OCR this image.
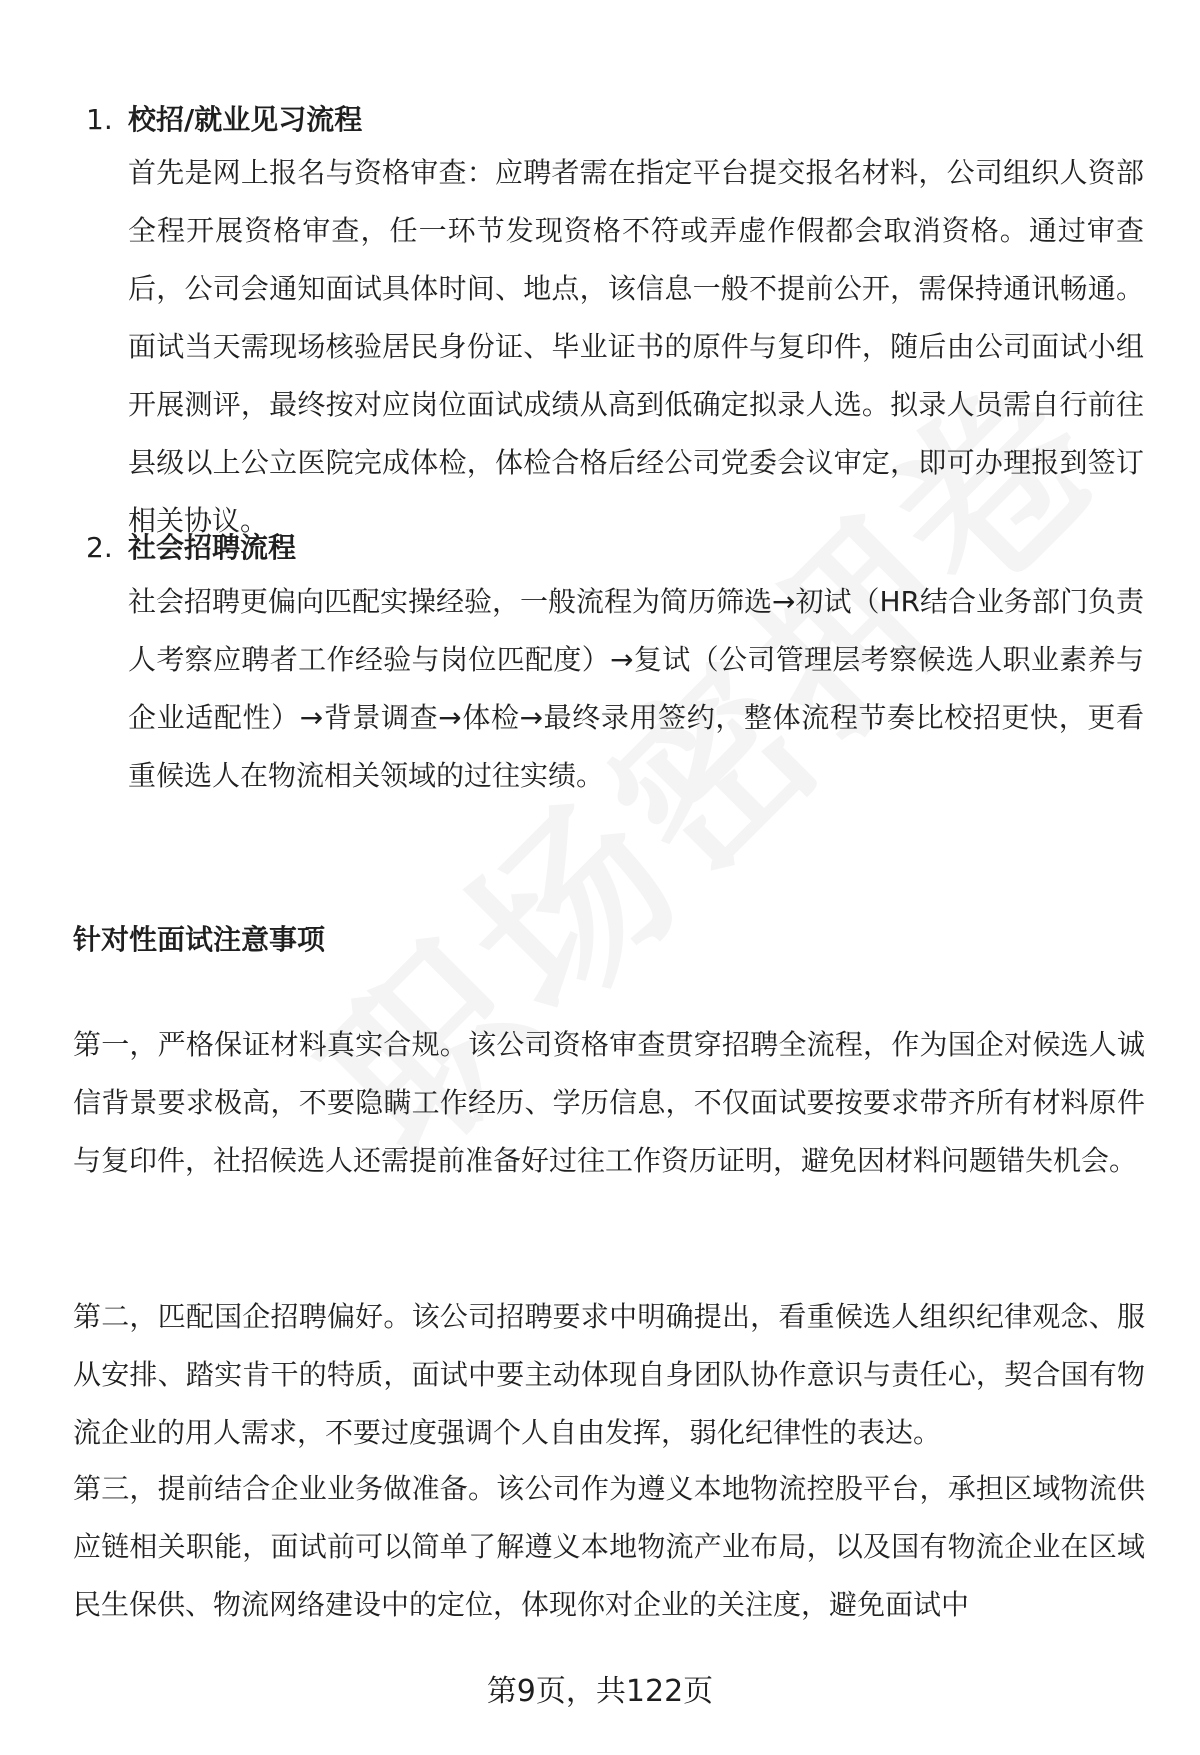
1. 校招/就业见习流程
首先是网上报名与资格审查：应聘者需在指定平台提交报名材料，公司组织人资部全程开展资格审查，任一环节发现资格不符或弄虚作假都会取消资格。通过审查后，公司会通知面试具体时间、地点，该信息一般不提前公开，需保持通讯畅通。面试当天需现场核验居民身份证、毕业证书的原件与复印件，随后由公司面试小组开展测评，最终按对应岗位面试成绩从高到低确定拟录人选。拟录人员需自行前往县级以上公立医院完成体检，体检合格后经公司党委会议审定，即可办理报到签订相关协议。
2. 社会招聘流程
社会招聘更偏向匹配实操经验，一般流程为简历筛选→初试（HR结合业务部门负责人考察应聘者工作经验与岗位匹配度）→复试（公司管理层考察候选人职业素养与企业适配性）→背景调查→体检→最终录用签约，整体流程节奏比校招更快，更看重候选人在物流相关领域的过往实绩。
针对性面试注意事项
第一，严格保证材料真实合规。该公司资格审查贯穿招聘全流程，作为国企对候选人诚信背景要求极高，不要隐瞒工作经历、学历信息，不仅面试要按要求带齐所有材料原件与复印件，社招候选人还需提前准备好过往工作资历证明，避免因材料问题错失机会。
第二，匹配国企招聘偏好。该公司招聘要求中明确提出，看重候选人组织纪律观念、服从安排、踏实肯干的特质，面试中要主动体现自身团队协作意识与责任心，契合国有物流企业的用人需求，不要过度强调个人自由发挥，弱化纪律性的表达。
第三，提前结合企业业务做准备。该公司作为遵义本地物流控股平台，承担区域物流供应链相关职能，面试前可以简单了解遵义本地物流产业布局，以及国有物流企业在区域民生保供、物流网络建设中的定位，体现你对企业的关注度，避免面试中
第9页，共122页
